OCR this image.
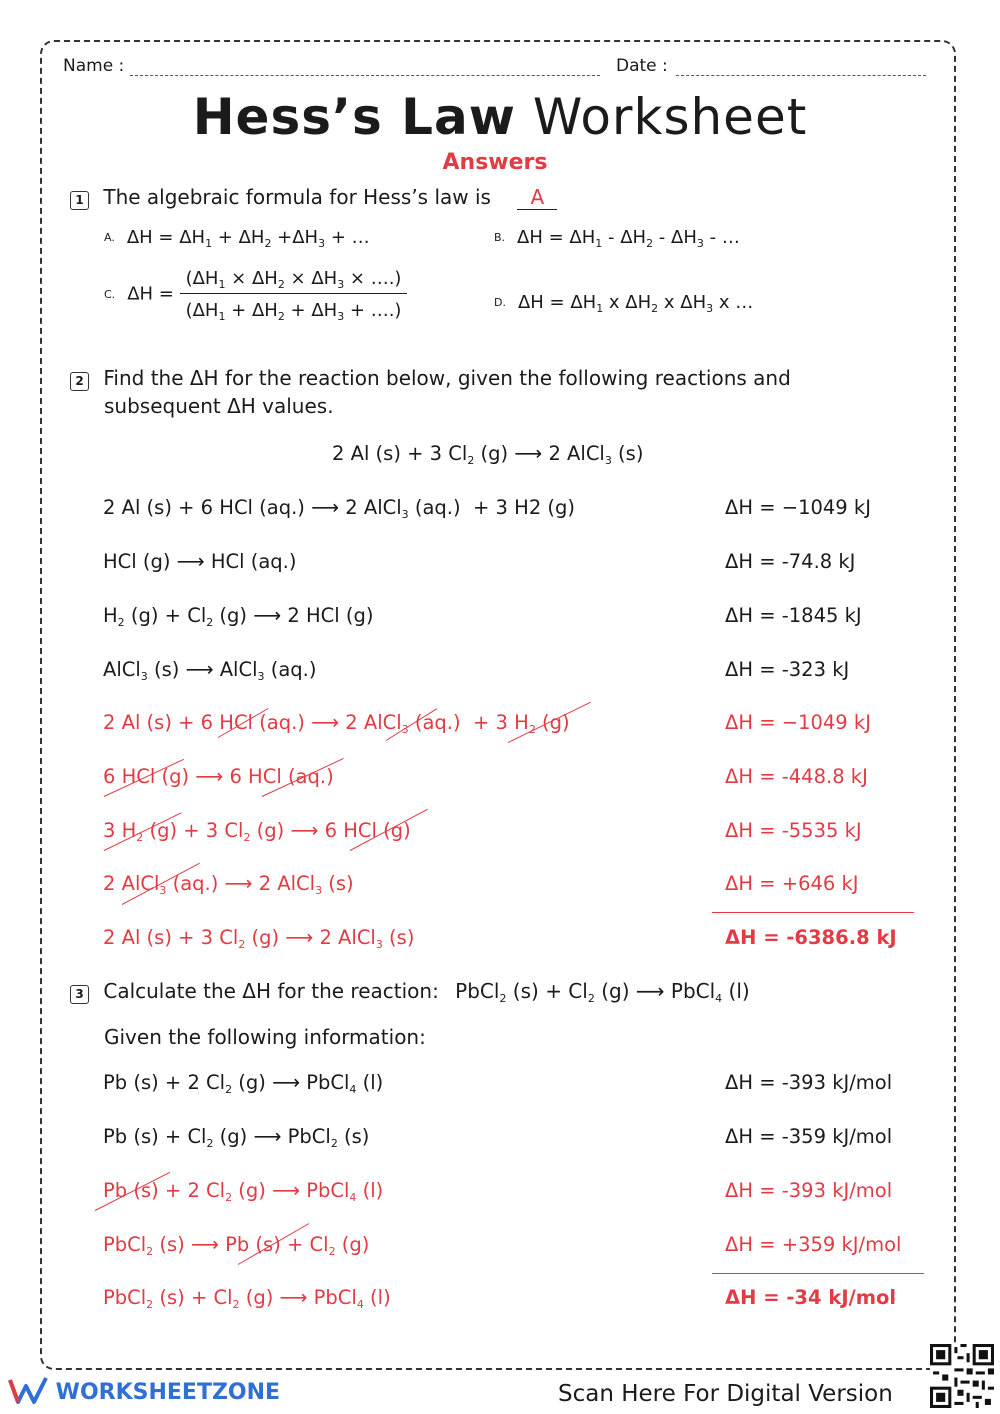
Name :	Date :
Hess’s Law Worksheet
Answers
1 The algebraic formula for Hess’s law is A
A. $\Delta H = \Delta H_1 + \Delta H_2 +\Delta H_3$ + …	B. $\Delta H = \Delta H_1 - \Delta H_2 - \Delta H_3$ - …
C. $\Delta H = \frac{(\Delta H_1 \times \Delta H_2 \times \Delta H_3 \times \dots.)}{(\Delta H_1 + \Delta H_2 + \Delta H_3 + \dots.)}$	D. $\Delta H = \Delta H_1$ x $\Delta H_2$ x $\Delta H_3$ x …
2 Find the ΔH for the reaction below, given the following reactions and
subsequent ΔH values.
2 Al (s) + 3 $Cl_2$ (g) ⟶ 2 AlCl$_3$ (s)
2 Al (s) + 6 HCl (aq.) ⟶ 2 AlCl$_3$ (aq.)  + 3 H2 (g)	ΔH = −1049 kJ
HCl (g) ⟶ HCl (aq.)	ΔH = -74.8 kJ
$H_2$ $(g) + Cl_2$ (g) ⟶ 2 HCl (g)	ΔH = -1845 kJ
AlCl$_3$ (s) ⟶ AlCl$_3$ (aq.)	ΔH = -323 kJ
2 Al (s) + 6 HCl (aq.) ⟶ 2 AlCl$_3$ (aq.)  + 3 $H_2$ (g)	ΔH = −1049 kJ
6 HCl (g) ⟶ 6 HCl (aq.)	ΔH = -448.8 kJ
3 $H_2$ (g) + 3 $Cl_2$ (g) ⟶ 6 HCl (g)	ΔH = -5535 kJ
2 AlCl$_3$ (aq.) ⟶ 2 AlCl$_3$ (s)	ΔH = +646 kJ
2 Al (s) + 3 $Cl_2$ (g) ⟶ 2 AlCl$_3$ (s)	ΔH = -6386.8 kJ
3 Calculate the ΔH for the reaction: PbCl$_2$ $(s) + Cl_2$ (g) ⟶ PbCl$_4$ (l)
Given the following information:
Pb (s) + 2 $Cl_2$ (g) ⟶ PbCl$_4$ (l)	ΔH = -393 kJ/mol
Pb $(s) + Cl_2$ (g) ⟶ PbCl$_2$ (s)	ΔH = -359 kJ/mol
Pb (s) + 2 $Cl_2$ (g) ⟶ PbCl$_4$ (l)	ΔH = -393 kJ/mol
PbCl$_2$ (s) ⟶ Pb $(s) + Cl_2$ (g)	ΔH = +359 kJ/mol
PbCl$_2$ $(s) + Cl_2$ (g) ⟶ PbCl$_4$ (l)	ΔH = -34 kJ/mol
WORKSHEETZONE	Scan Here For Digital Version
